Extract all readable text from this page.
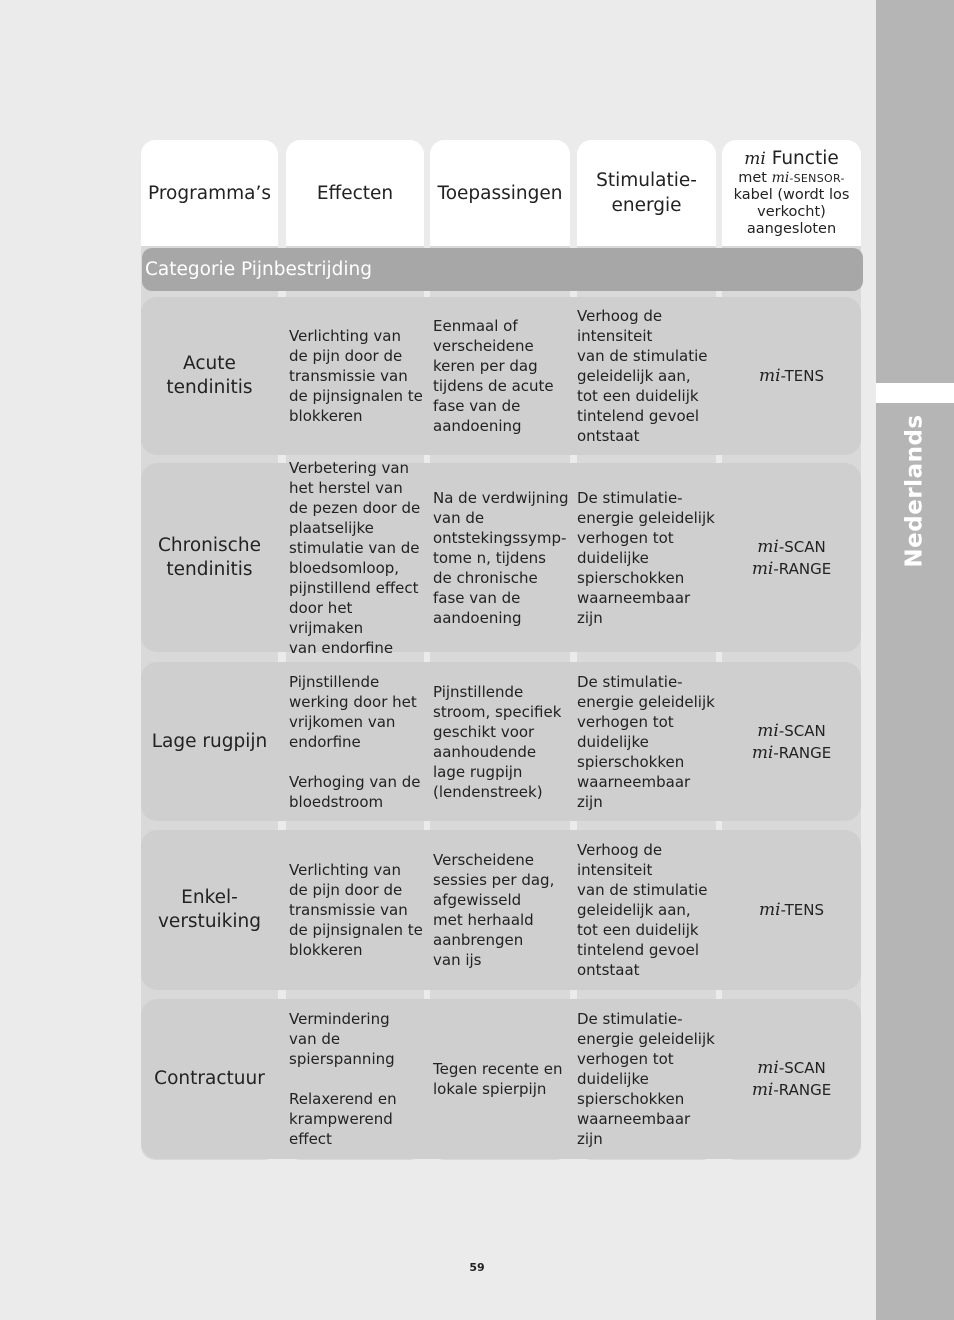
Nederlands
Programma’s Effecten Toepassingen
Stimulatie-
energie
mi Functie
met mi-SENSOR-
kabel (wordt los
verkocht)
aangesloten
Categorie Pijnbestrijding
Acute
tendinitis
Verlichting van
de pijn door de
transmissie van
de pijnsignalen te
blokkeren
Eenmaal of
verscheidene
keren per dag
tijdens de acute
fase van de
aandoening
Verhoog de
intensiteit
van de stimulatie
geleidelijk aan,
tot een duidelijk
tintelend gevoel
ontstaat
mi-TENS
Chronische
tendinitis
Verbetering van
het herstel van
de pezen door de
plaatselijke
stimulatie van de
bloedsomloop,
pijnstillend effect
door het vrijmaken
van endorfine
Na de verdwijning
van de
ontstekingssymp-
tome n, tijdens
de chronische
fase van de
aandoening
De stimulatie-
energie geleidelijk
verhogen tot
duidelijke
spierschokken
waarneembaar
zijn
mi-SCAN
mi-RANGE
Lage rugpijn
Pijnstillende
werking door het
vrijkomen van
endorfine
Verhoging van de
bloedstroom
Pijnstillende
stroom, specifiek
geschikt voor
aanhoudende
lage rugpijn
(lendenstreek)
De stimulatie-
energie geleidelijk
verhogen tot
duidelijke
spierschokken
waarneembaar
zijn
mi-SCAN
mi-RANGE
Enkel-
verstuiking
Verlichting van
de pijn door de
transmissie van
de pijnsignalen te
blokkeren
Verscheidene
sessies per dag,
afgewisseld
met herhaald
aanbrengen
van ijs
Verhoog de
intensiteit
van de stimulatie
geleidelijk aan,
tot een duidelijk
tintelend gevoel
ontstaat
mi-TENS
Contractuur
Vermindering
van de
spierspanning
Relaxerend en
krampwerend
effect
Tegen recente en
lokale spierpijn
De stimulatie-
energie geleidelijk
verhogen tot
duidelijke
spierschokken
waarneembaar
zijn
mi-SCAN
mi-RANGE
59
